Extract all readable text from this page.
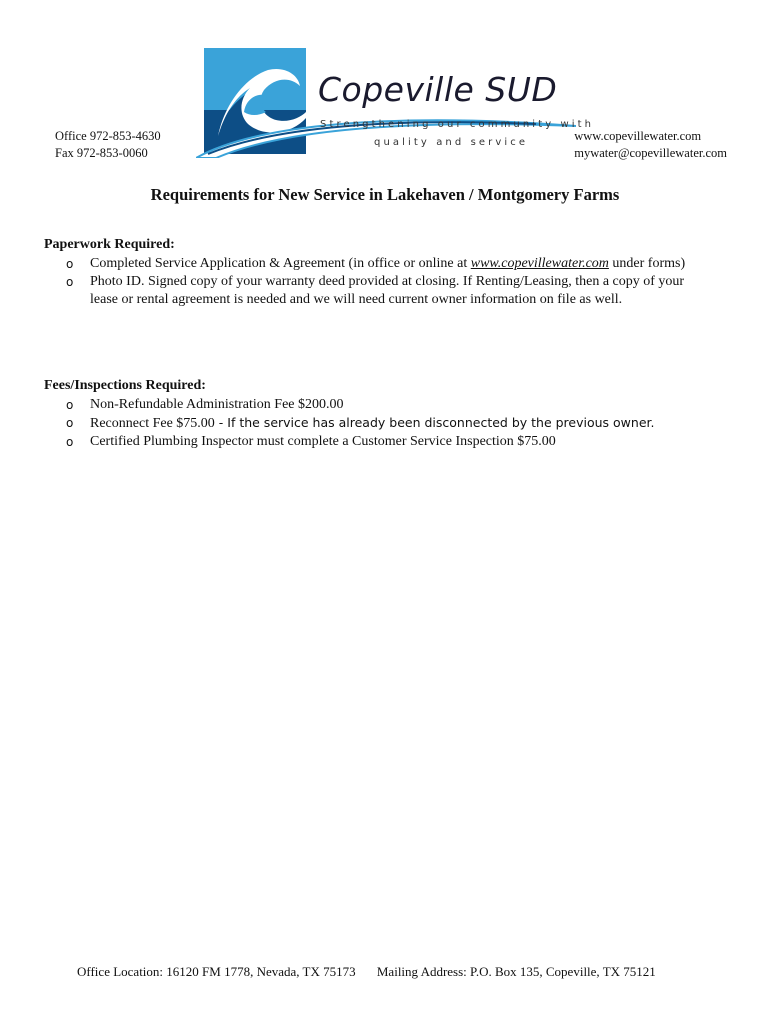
Office 972-853-4630
Fax 972-853-0060
Copeville SUD
Strengthening our community with
quality and service	www.copevillewater.com
mywater@copevillewater.com
Requirements for New Service in Lakehaven / Montgomery Farms
Paperwork Required:
o Completed Service Application & Agreement (in office or online at www.copevillewater.com under forms)
o Photo ID. Signed copy of your warranty deed provided at closing. If Renting/Leasing, then a copy of your lease or rental agreement is needed and we will need current owner information on file as well.
Fees/Inspections Required:
o Non-Refundable Administration Fee $200.00
o Reconnect Fee $75.00 - If the service has already been disconnected by the previous owner.
o Certified Plumbing Inspector must complete a Customer Service Inspection $75.00
Office Location: 16120 FM 1778, Nevada, TX 75173 Mailing Address: P.O. Box 135, Copeville, TX 75121
